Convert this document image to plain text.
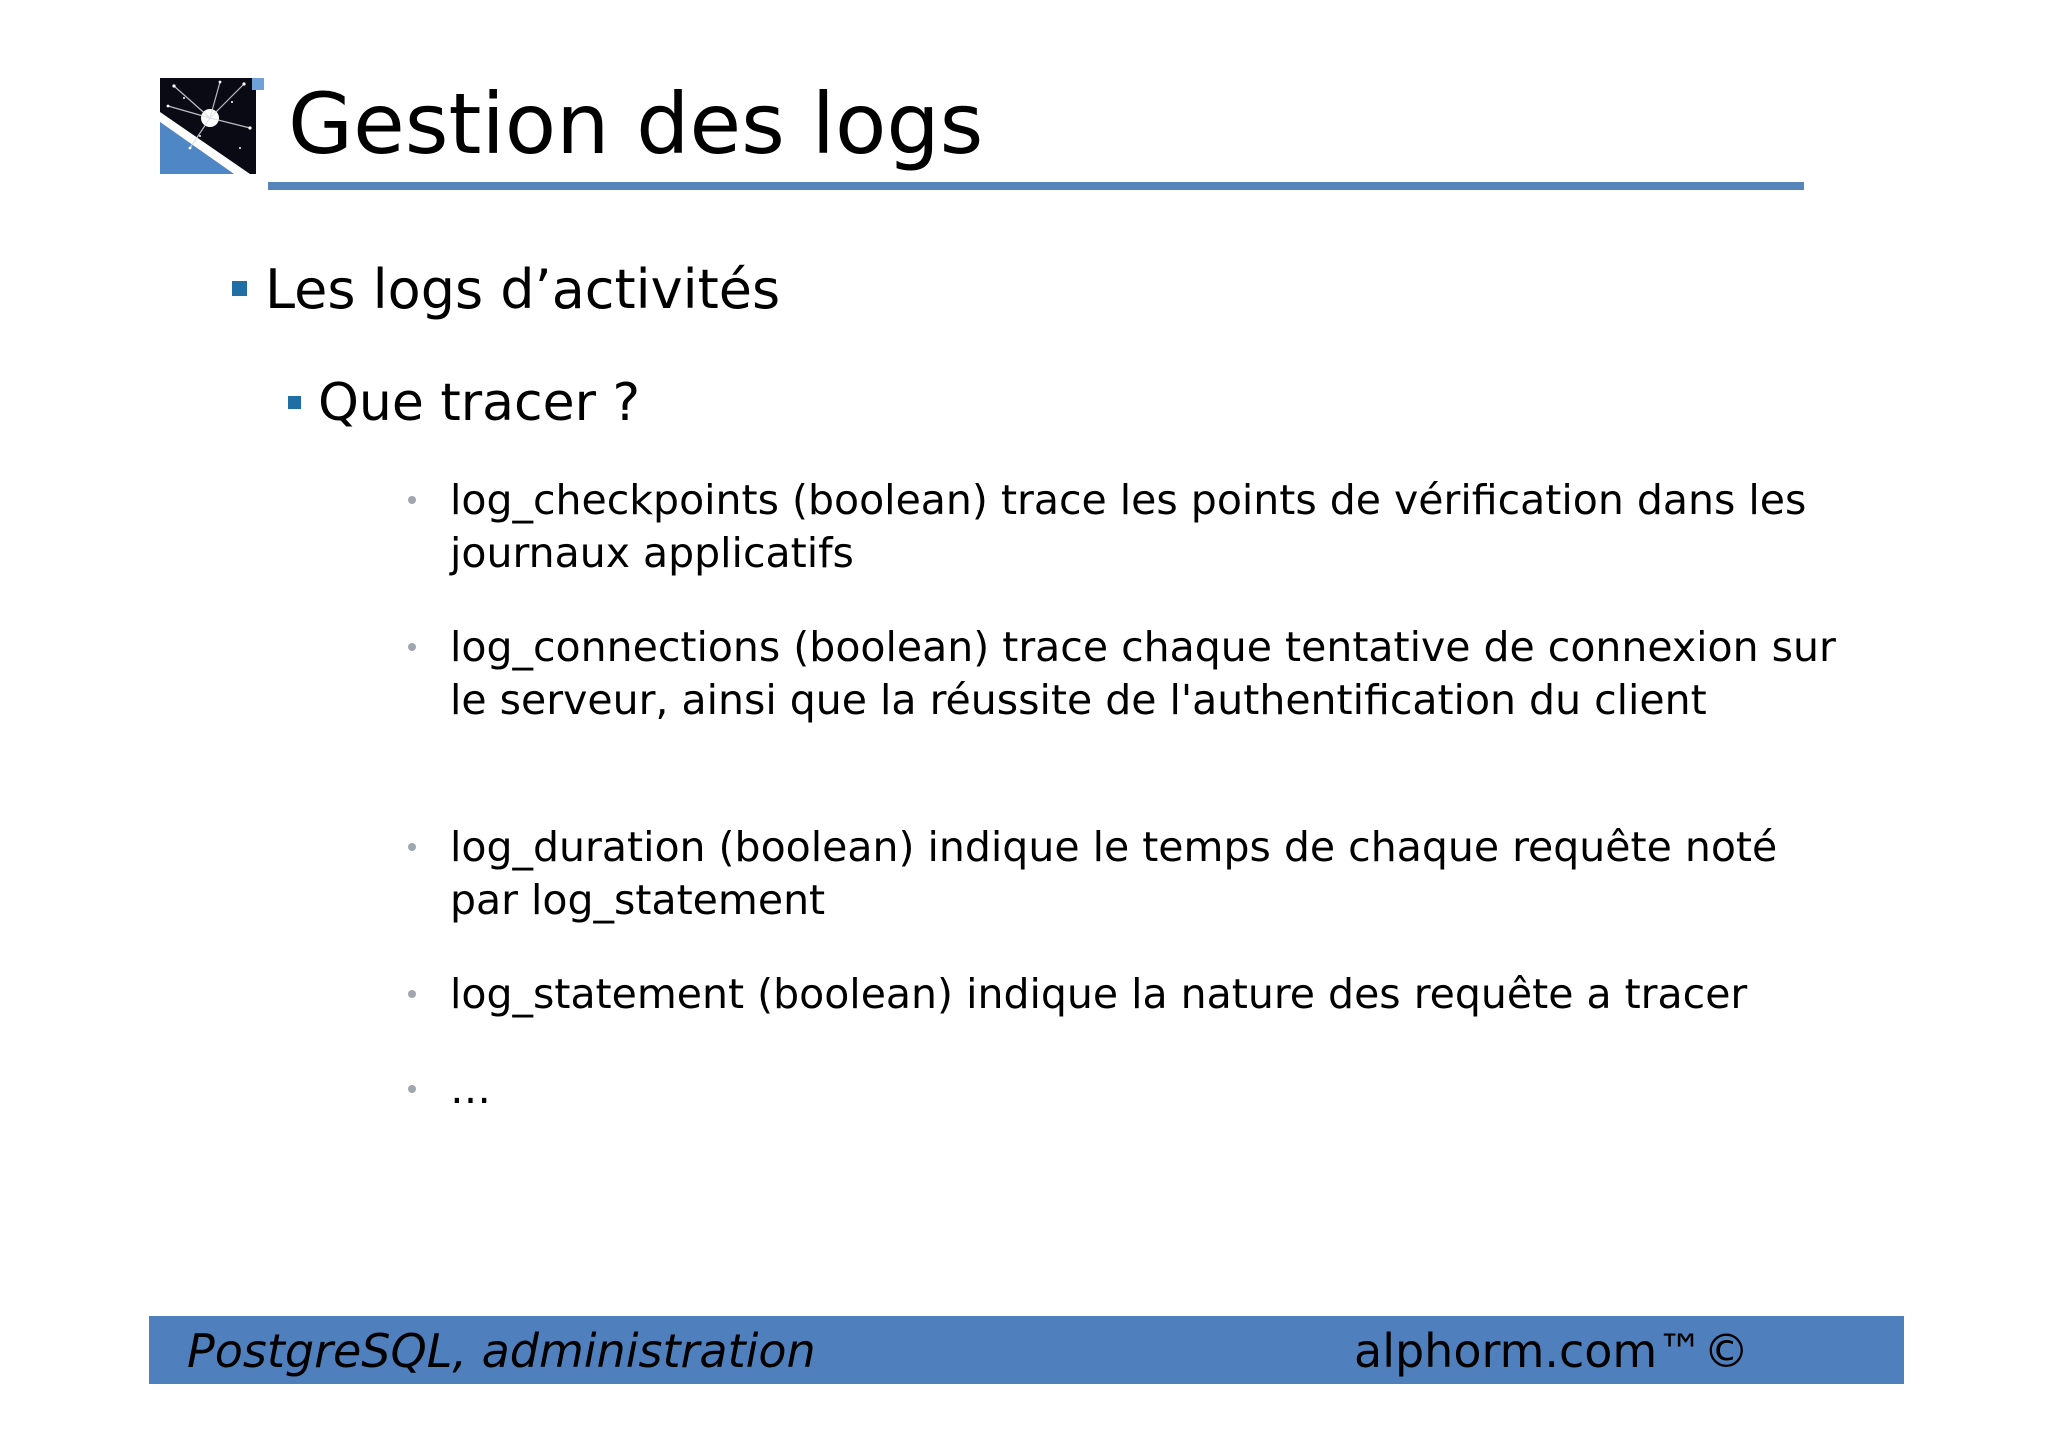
Gestion des logs
Les logs d’activités
Que tracer ?
log_checkpoints (boolean) trace les points de vérification dans les journaux applicatifs
log_connections (boolean) trace chaque tentative de connexion sur le serveur, ainsi que la réussite de l'authentification du client
log_duration (boolean) indique le temps de chaque requête noté par log_statement
log_statement (boolean) indique la nature des requête a tracer
…
PostgreSQL, administration	alphorm.com™©
